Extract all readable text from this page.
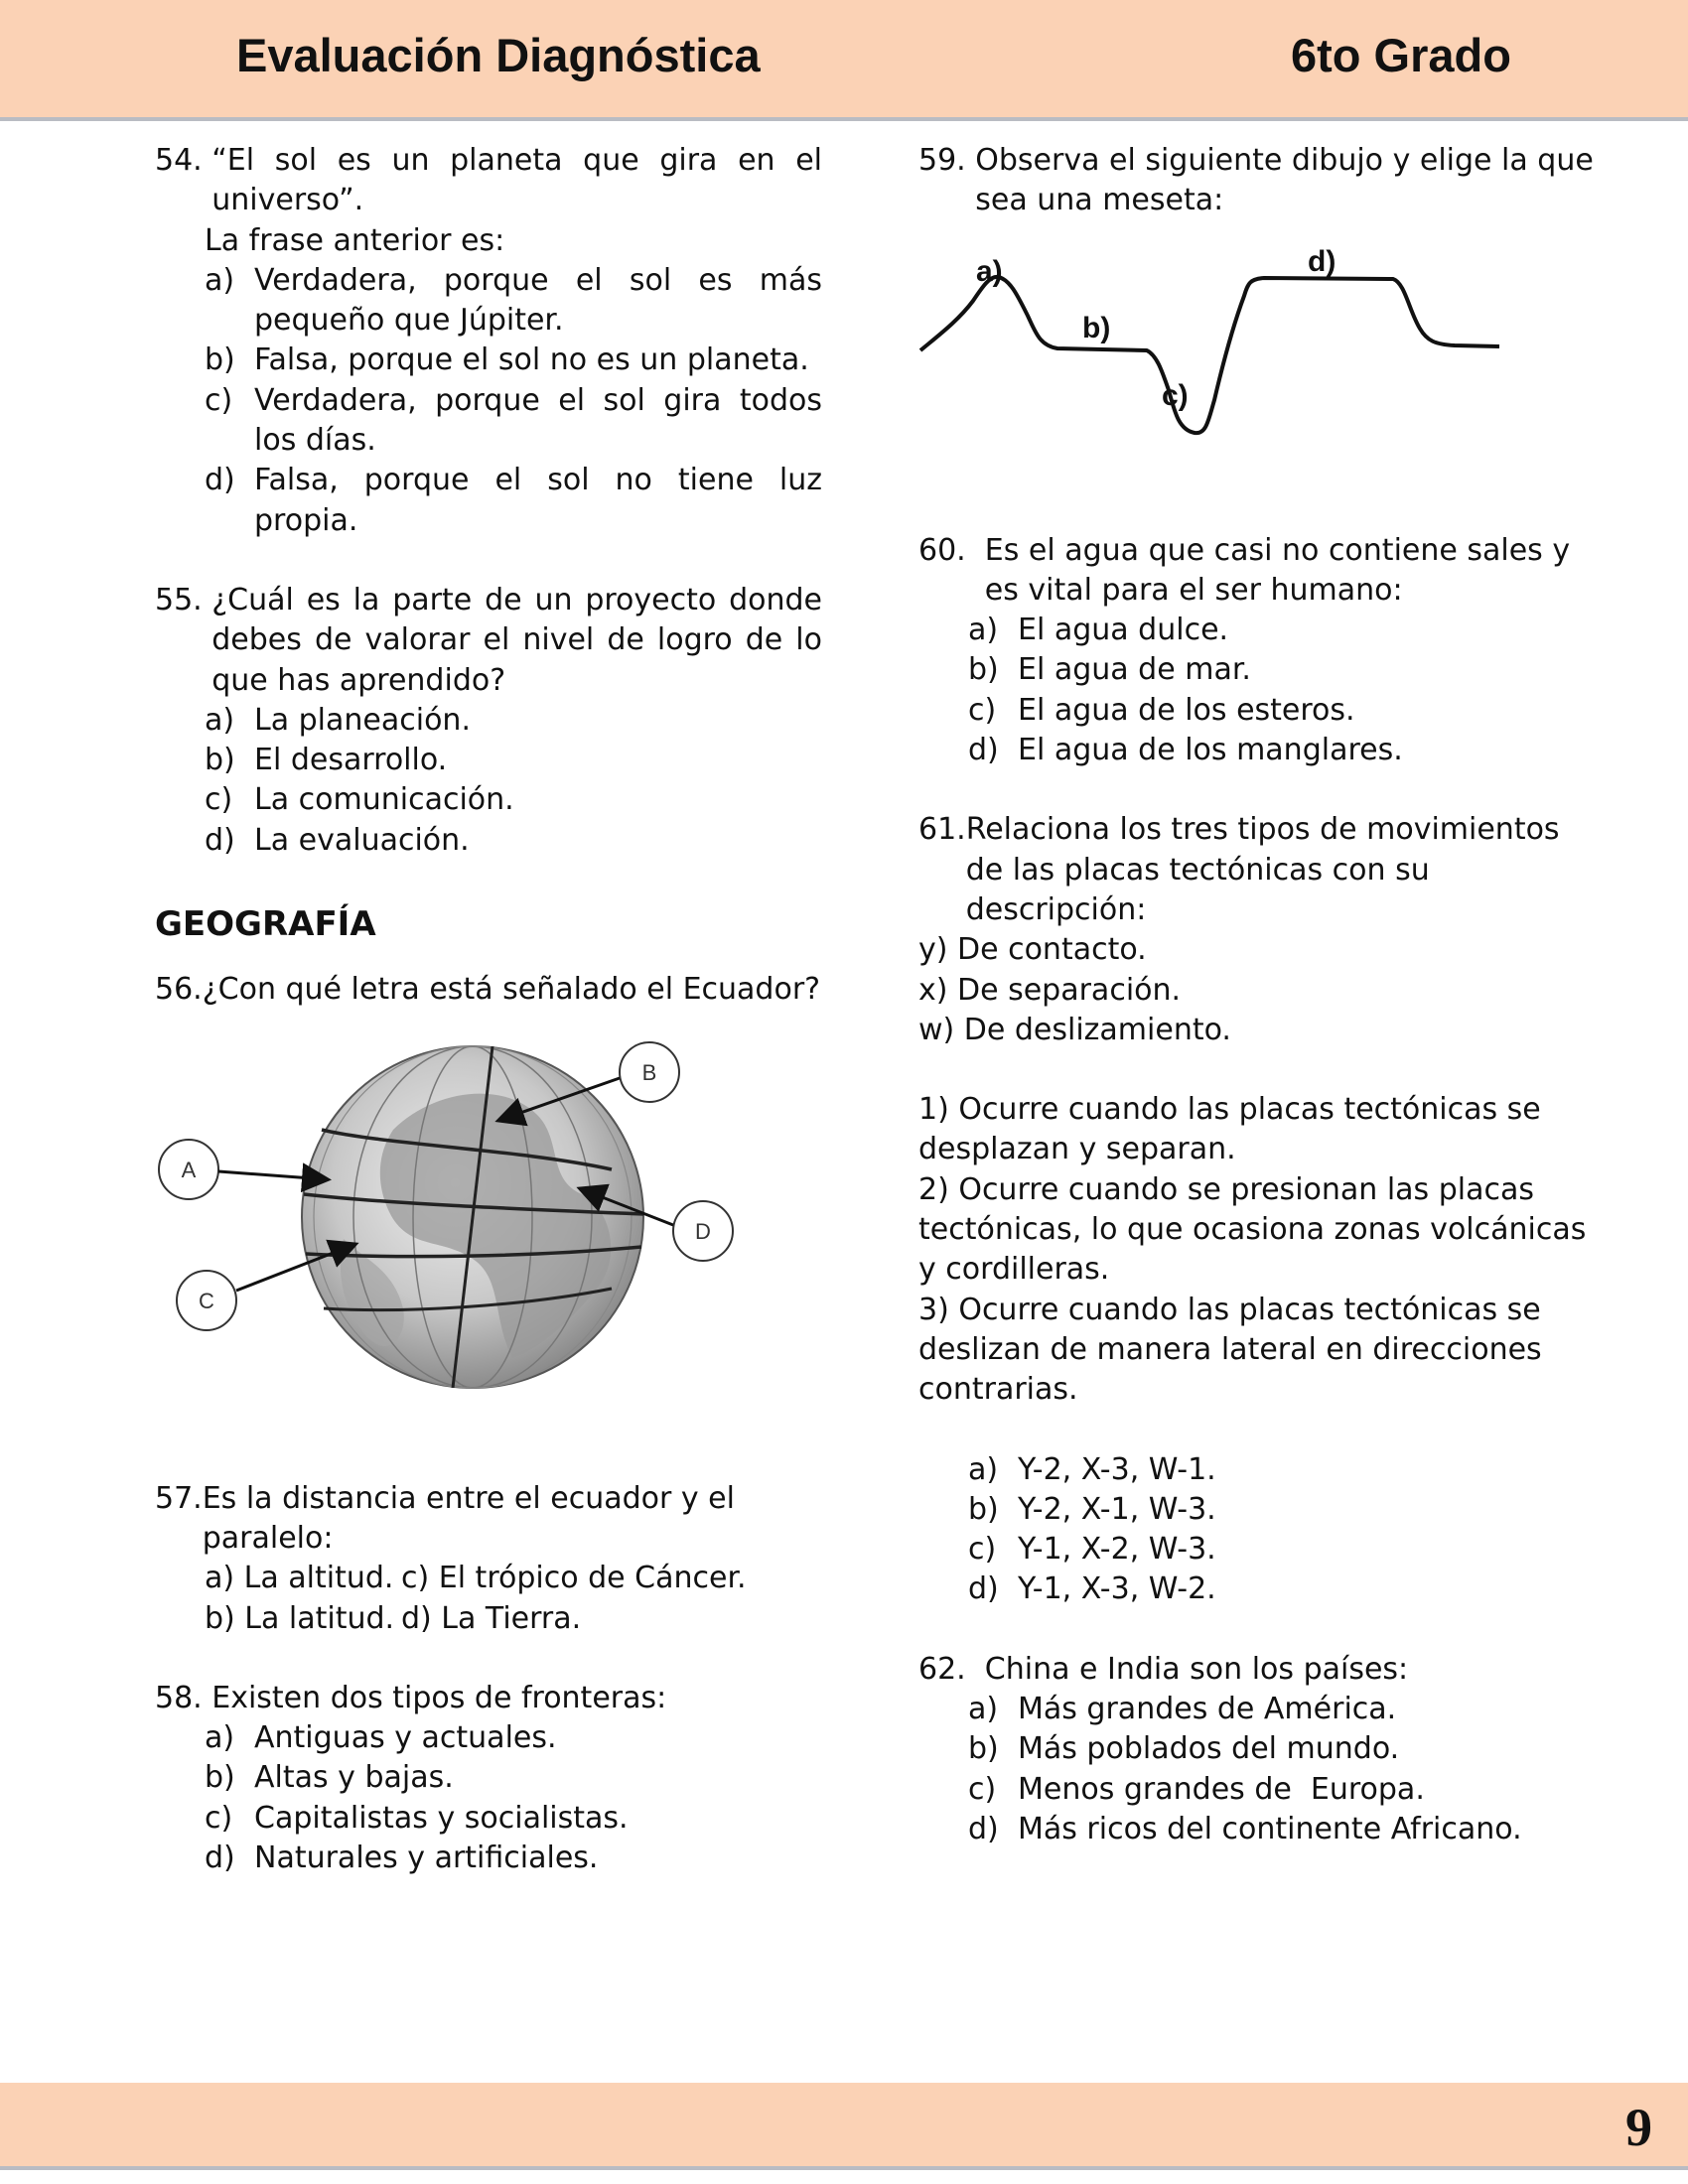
Evaluación Diagnóstica	6to Grado
54. “El sol es un planeta que gira en el universo”.
La frase anterior es:
a) Verdadera, porque el sol es más pequeño que Júpiter.
b) Falsa, porque el sol no es un planeta.
c) Verdadera, porque el sol gira todos los días.
d) Falsa, porque el sol no tiene luz propia.
55. ¿Cuál es la parte de un proyecto donde debes de valorar el nivel de logro de lo que has aprendido?
a) La planeación.
b) El desarrollo.
c) La comunicación.
d) La evaluación.
GEOGRAFÍA
56. ¿Con qué letra está señalado el Ecuador?
A
B
C
D
57. Es la distancia entre el ecuador y el paralelo:
a) La altitud. c) El trópico de Cáncer.
b) La latitud. d) La Tierra.
58. Existen dos tipos de fronteras:
a) Antiguas y actuales.
b) Altas y bajas.
c) Capitalistas y socialistas.
d) Naturales y artificiales.
59. Observa el siguiente dibujo y elige la que sea una meseta:
a)
b)
c)
d)
60. Es el agua que casi no contiene sales y es vital para el ser humano:
a) El agua dulce.
b) El agua de mar.
c) El agua de los esteros.
d) El agua de los manglares.
61. Relaciona los tres tipos de movimientos de las placas tectónicas con su descripción:
y) De contacto.
x) De separación.
w) De deslizamiento.
1) Ocurre cuando las placas tectónicas se desplazan y separan.
2) Ocurre cuando se presionan las placas tectónicas, lo que ocasiona zonas volcánicas y cordilleras.
3) Ocurre cuando las placas tectónicas se deslizan de manera lateral en direcciones contrarias.
a) Y-2, X-3, W-1.
b) Y-2, X-1, W-3.
c) Y-1, X-2, W-3.
d) Y-1, X-3, W-2.
62. China e India son los países:
a) Más grandes de América.
b) Más poblados del mundo.
c) Menos grandes de  Europa.
d) Más ricos del continente Africano.
9
